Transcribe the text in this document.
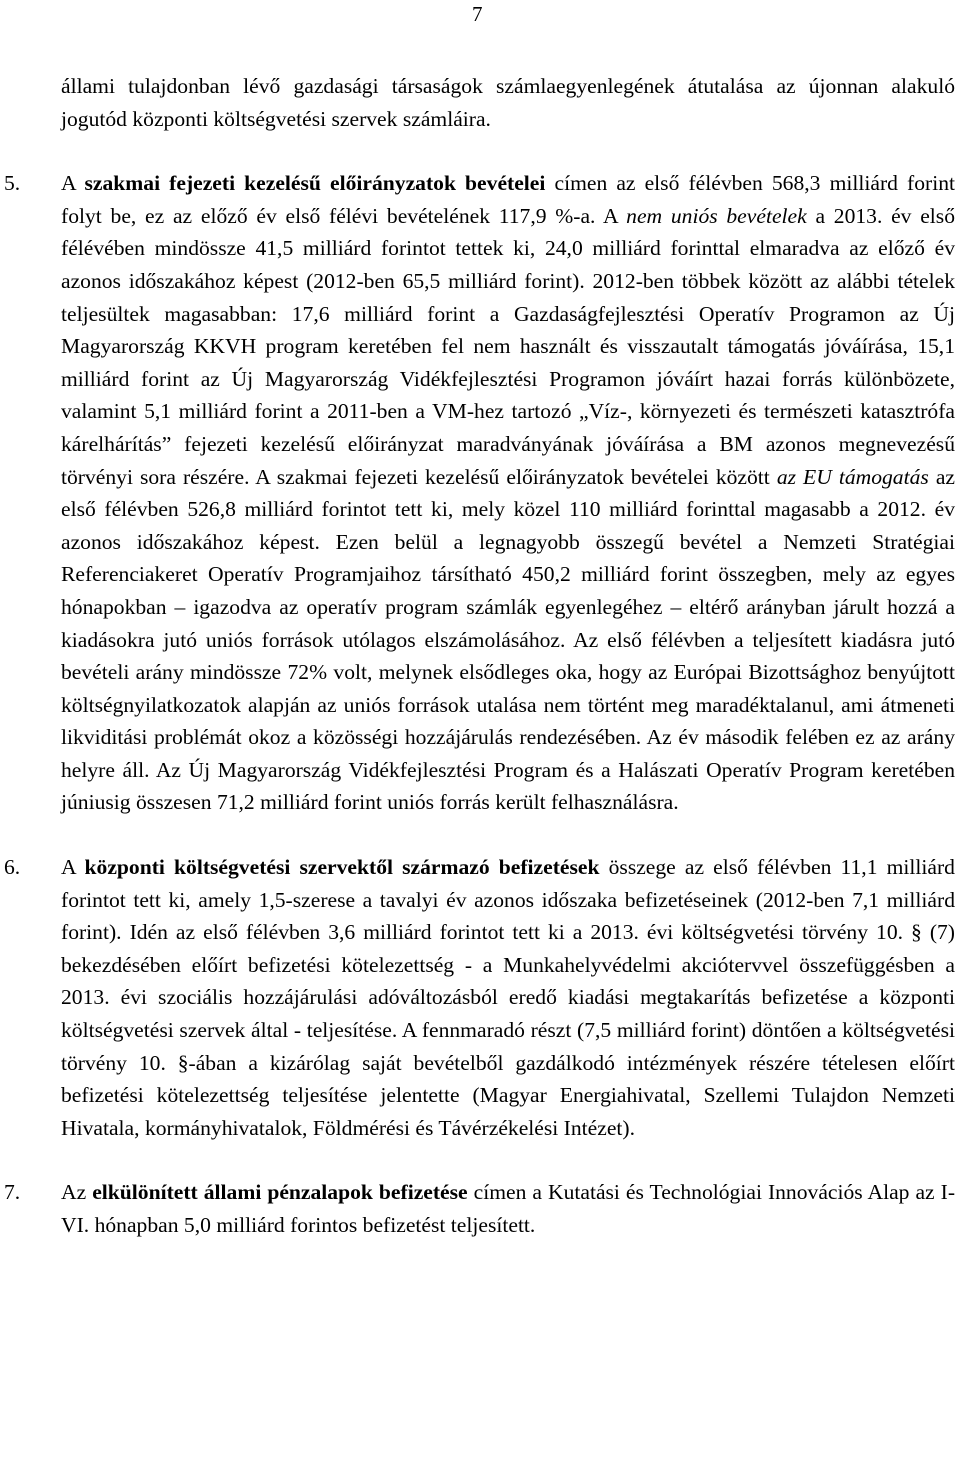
7

állami tulajdonban lévő gazdasági társaságok számlaegyenlegének átutalása az újonnan alakuló jogutód központi költségvetési szervek számláira.

5. A szakmai fejezeti kezelésű előirányzatok bevételei címen az első félévben 568,3 milliárd forint folyt be, ez az előző év első félévi bevételének 117,9 %-a. A nem uniós bevételek a 2013. év első félévében mindössze 41,5 milliárd forintot tettek ki, 24,0 milliárd forinttal elmaradva az előző év azonos időszakához képest (2012-ben 65,5 milliárd forint). 2012-ben többek között az alábbi tételek teljesültek magasabban: 17,6 milliárd forint a Gazdaságfejlesztési Operatív Programon az Új Magyarország KKVH program keretében fel nem használt és visszautalt támogatás jóváírása, 15,1 milliárd forint az Új Magyarország Vidékfejlesztési Programon jóváírt hazai forrás különbözete, valamint 5,1 milliárd forint a 2011-ben a VM-hez tartozó „Víz-, környezeti és természeti katasztrófa kárelhárítás” fejezeti kezelésű előirányzat maradványának jóváírása a BM azonos megnevezésű törvényi sora részére. A szakmai fejezeti kezelésű előirányzatok bevételei között az EU támogatás az első félévben 526,8 milliárd forintot tett ki, mely közel 110 milliárd forinttal magasabb a 2012. év azonos időszakához képest. Ezen belül a legnagyobb összegű bevétel a Nemzeti Stratégiai Referenciakeret Operatív Programjaihoz társítható 450,2 milliárd forint összegben, mely az egyes hónapokban – igazodva az operatív program számlák egyenlegéhez – eltérő arányban járult hozzá a kiadásokra jutó uniós források utólagos elszámolásához. Az első félévben a teljesített kiadásra jutó bevételi arány mindössze 72% volt, melynek elsődleges oka, hogy az Európai Bizottsághoz benyújtott költségnyilatkozatok alapján az uniós források utalása nem történt meg maradéktalanul, ami átmeneti likviditási problémát okoz a közösségi hozzájárulás rendezésében. Az év második felében ez az arány helyre áll. Az Új Magyarország Vidékfejlesztési Program és a Halászati Operatív Program keretében júniusig összesen 71,2 milliárd forint uniós forrás került felhasználásra.
6. A központi költségvetési szervektől származó befizetések összege az első félévben 11,1 milliárd forintot tett ki, amely 1,5-szerese a tavalyi év azonos időszaka befizetéseinek (2012-ben 7,1 milliárd forint). Idén az első félévben 3,6 milliárd forintot tett ki a 2013. évi költségvetési törvény 10. § (7) bekezdésében előírt befizetési kötelezettség - a Munkahelyvédelmi akciótervvel összefüggésben a 2013. évi szociális hozzájárulási adóváltozásból eredő kiadási megtakarítás befizetése a központi költségvetési szervek által - teljesítése. A fennmaradó részt (7,5 milliárd forint) döntően a költségvetési törvény 10. §-ában a kizárólag saját bevételből gazdálkodó intézmények részére tételesen előírt befizetési kötelezettség teljesítése jelentette (Magyar Energiahivatal, Szellemi Tulajdon Nemzeti Hivatala, kormányhivatalok, Földmérési és Távérzékelési Intézet).
7. Az elkülönített állami pénzalapok befizetése címen a Kutatási és Technológiai Innovációs Alap az I-VI. hónapban 5,0 milliárd forintos befizetést teljesített.
